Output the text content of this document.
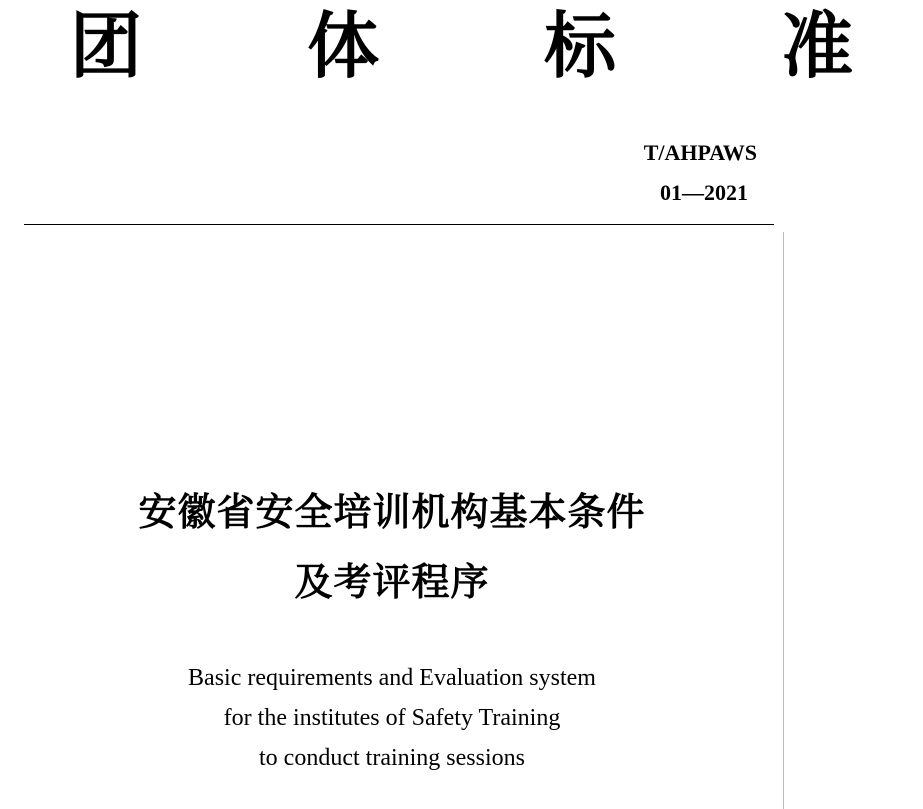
团 体 标 准
T/AHPAWS
01—2021
安徽省安全培训机构基本条件
及考评程序
Basic requirements and Evaluation system
for the institutes of Safety Training
to conduct training sessions
